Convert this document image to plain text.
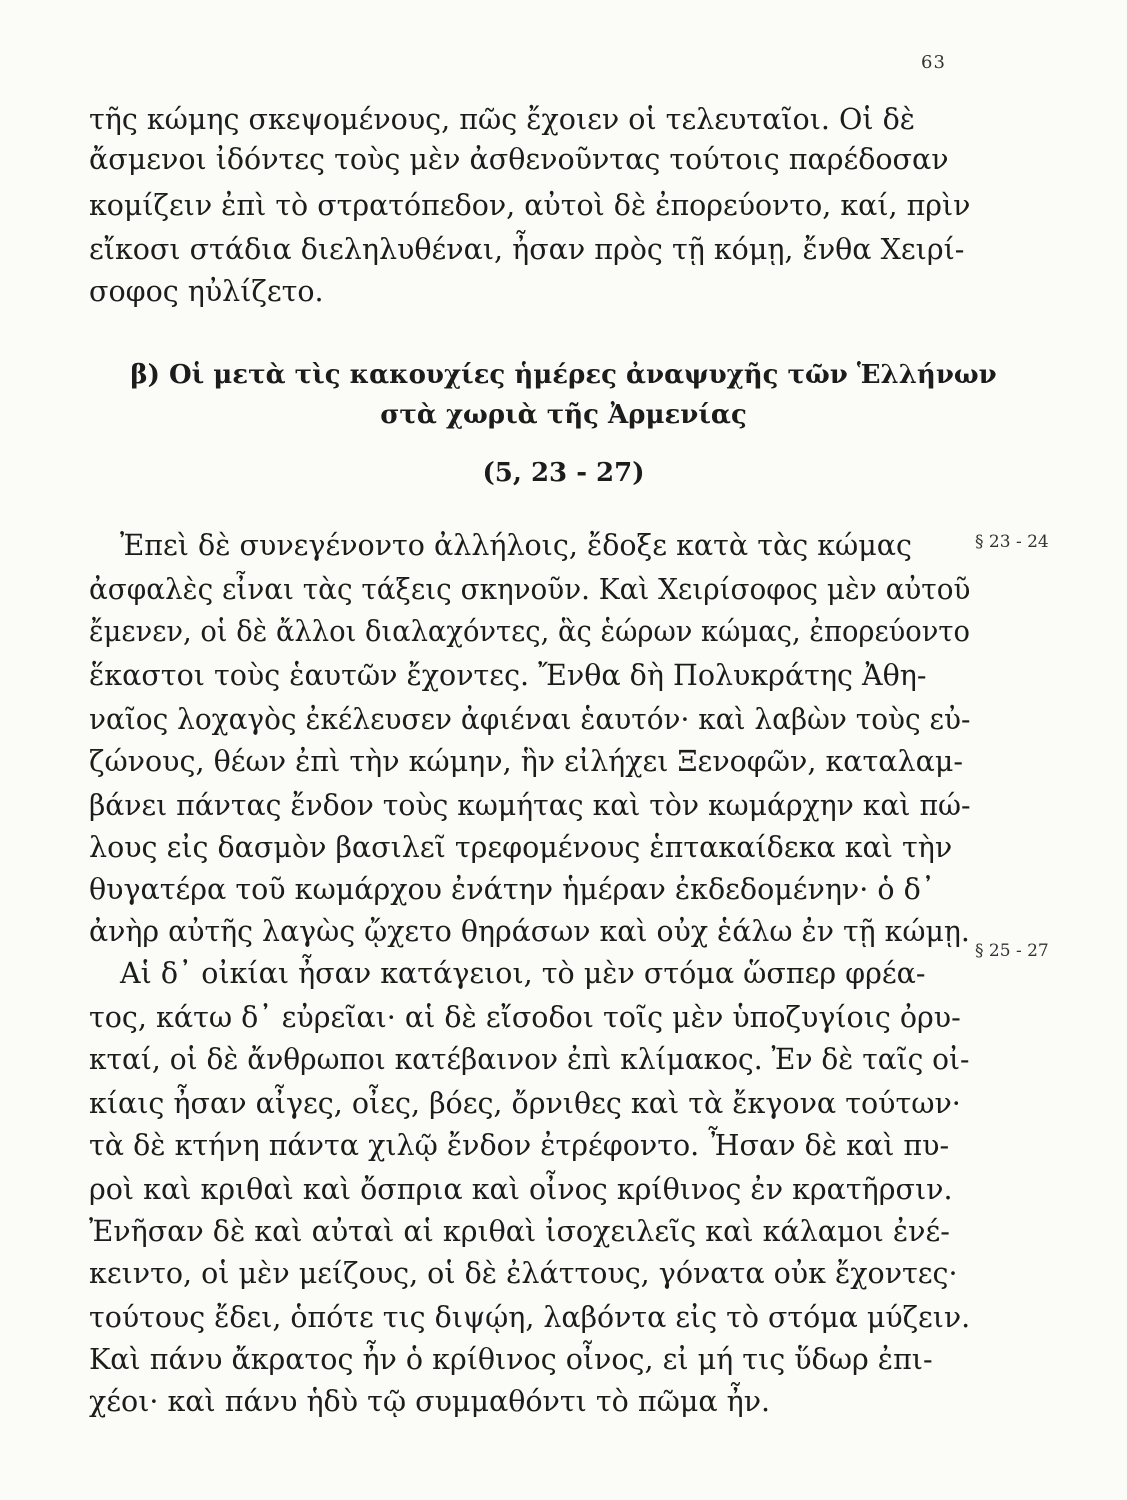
63
τῆς κώμης σκεψομένους, πῶς ἔχοιεν οἱ τελευταῖοι. Οἱ δὲ
ἄσμενοι ἰδόντες τοὺς μὲν ἀσθενοῦντας τούτοις παρέδοσαν
κομίζειν ἐπὶ τὸ στρατόπεδον, αὐτοὶ δὲ ἐπορεύοντο, καί, πρὶν
εἴκοσι στάδια διεληλυθέναι, ἦσαν πρὸς τῇ κόμῃ, ἔνθα Χειρί-
σοφος ηὐλίζετο.
β) Οἱ μετὰ τὶς κακουχίες ἡμέρες ἀναψυχῆς τῶν Ἑλλήνων
στὰ χωριὰ τῆς Ἀρμενίας
(5, 23 - 27)
§ 23 - 24
§ 25 - 27
Ἐπεὶ δὲ συνεγένοντο ἀλλήλοις, ἔδοξε κατὰ τὰς κώμας
ἀσφαλὲς εἶναι τὰς τάξεις σκηνοῦν. Καὶ Χειρίσοφος μὲν αὐτοῦ
ἔμενεν, οἱ δὲ ἄλλοι διαλαχόντες, ἃς ἑώρων κώμας, ἐπορεύοντο
ἕκαστοι τοὺς ἑαυτῶν ἔχοντες. Ἔνθα δὴ Πολυκράτης Ἀθη-
ναῖος λοχαγὸς ἐκέλευσεν ἀφιέναι ἑαυτόν· καὶ λαβὼν τοὺς εὐ-
ζώνους, θέων ἐπὶ τὴν κώμην, ἣν εἰλήχει Ξενοφῶν, καταλαμ-
βάνει πάντας ἔνδον τοὺς κωμήτας καὶ τὸν κωμάρχην καὶ πώ-
λους εἰς δασμὸν βασιλεῖ τρεφομένους ἑπτακαίδεκα καὶ τὴν
θυγατέρα τοῦ κωμάρχου ἐνάτην ἡμέραν ἐκδεδομένην· ὁ δ᾿
ἀνὴρ αὐτῆς λαγὼς ᾤχετο θηράσων καὶ οὐχ ἑάλω ἐν τῇ κώμῃ.
Αἱ δ᾿ οἰκίαι ἦσαν κατάγειοι, τὸ μὲν στόμα ὥσπερ φρέα-
τος, κάτω δ᾿ εὐρεῖαι· αἱ δὲ εἴσοδοι τοῖς μὲν ὑποζυγίοις ὀρυ-
κταί, οἱ δὲ ἄνθρωποι κατέβαινον ἐπὶ κλίμακος. Ἐν δὲ ταῖς οἰ-
κίαις ἦσαν αἶγες, οἶες, βόες, ὄρνιθες καὶ τὰ ἔκγονα τούτων·
τὰ δὲ κτήνη πάντα χιλῷ ἔνδον ἐτρέφοντο. Ἦσαν δὲ καὶ πυ-
ροὶ καὶ κριθαὶ καὶ ὄσπρια καὶ οἶνος κρίθινος ἐν κρατῆρσιν.
Ἐνῆσαν δὲ καὶ αὐταὶ αἱ κριθαὶ ἰσοχειλεῖς καὶ κάλαμοι ἐνέ-
κειντο, οἱ μὲν μείζους, οἱ δὲ ἐλάττους, γόνατα οὐκ ἔχοντες·
τούτους ἔδει, ὁπότε τις διψῴη, λαβόντα εἰς τὸ στόμα μύζειν.
Καὶ πάνυ ἄκρατος ἦν ὁ κρίθινος οἶνος, εἰ μή τις ὕδωρ ἐπι-
χέοι· καὶ πάνυ ἡδὺ τῷ συμμαθόντι τὸ πῶμα ἦν.
